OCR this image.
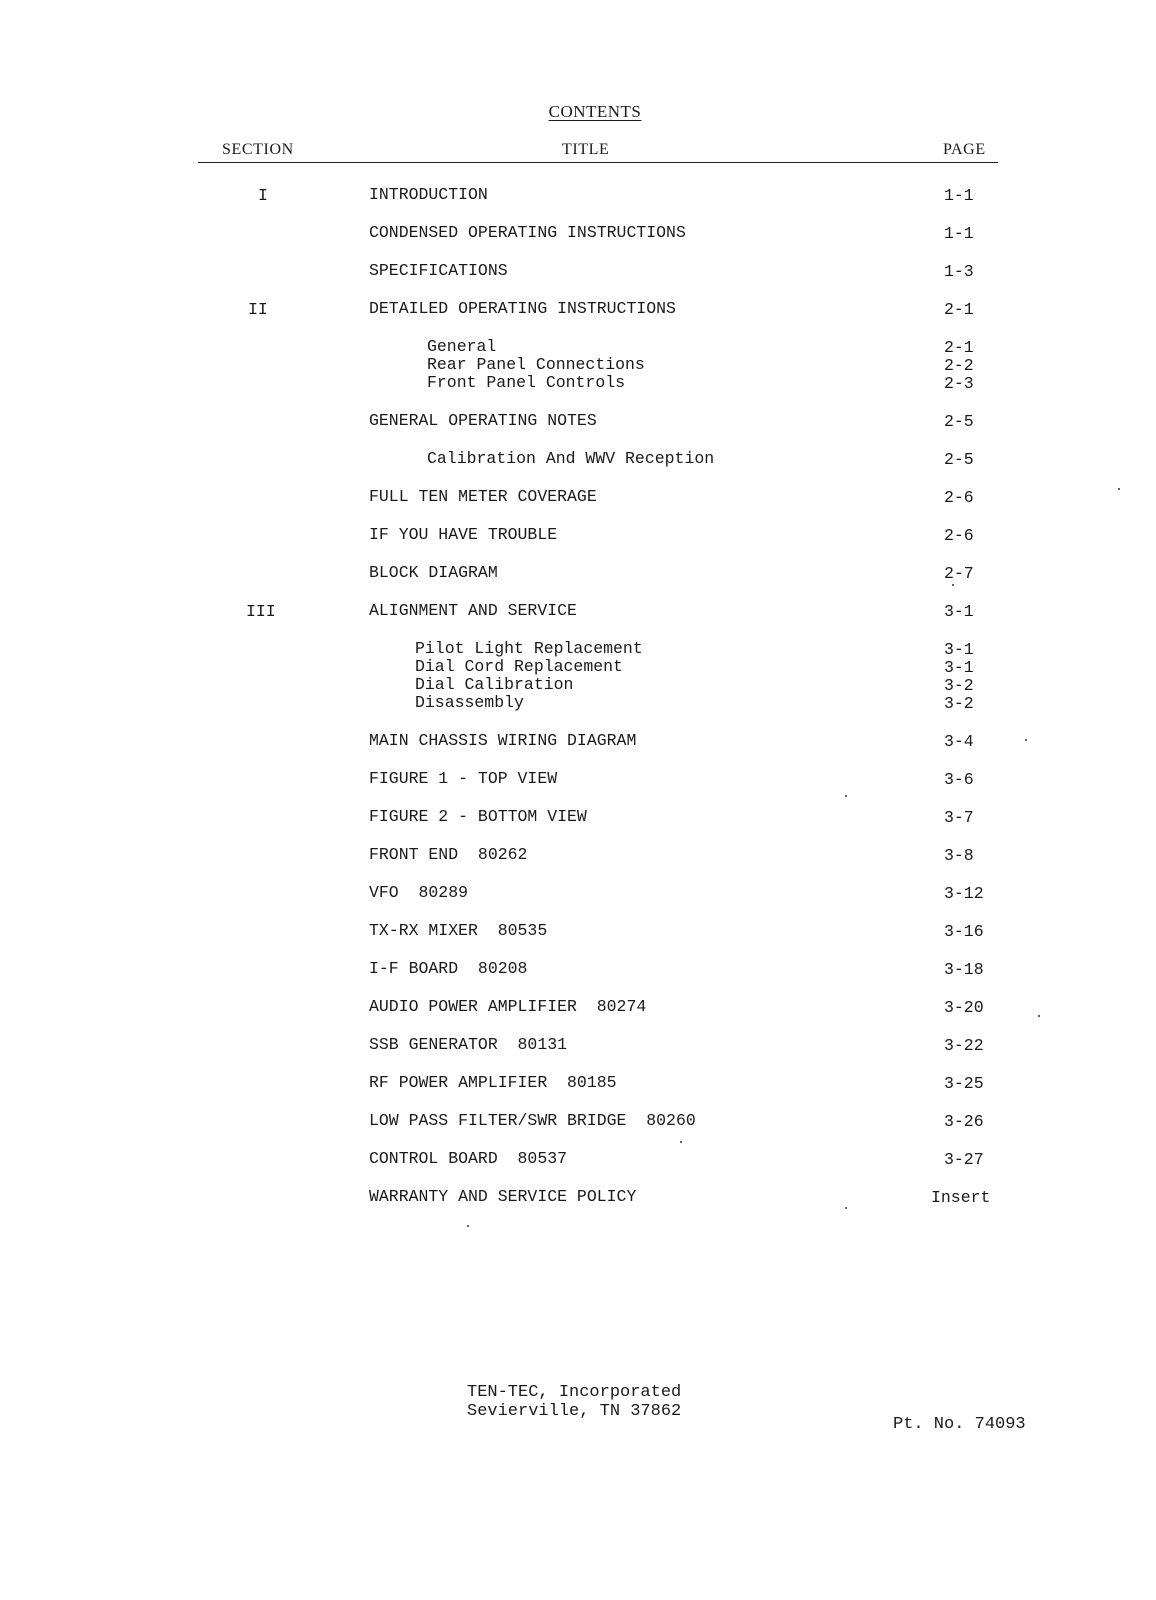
CONTENTS
SECTION	TITLE	PAGE
I	INTRODUCTION	1-1
CONDENSED OPERATING INSTRUCTIONS	1-1
SPECIFICATIONS	1-3
II	DETAILED OPERATING INSTRUCTIONS	2-1
General	2-1
Rear Panel Connections	2-2
Front Panel Controls	2-3
GENERAL OPERATING NOTES	2-5
Calibration And WWV Reception	2-5
FULL TEN METER COVERAGE	2-6
IF YOU HAVE TROUBLE	2-6
BLOCK DIAGRAM	2-7
III	ALIGNMENT AND SERVICE	3-1
Pilot Light Replacement	3-1
Dial Cord Replacement	3-1
Dial Calibration	3-2
Disassembly	3-2
MAIN CHASSIS WIRING DIAGRAM	3-4
FIGURE 1 - TOP VIEW	3-6
FIGURE 2 - BOTTOM VIEW	3-7
FRONT END  80262	3-8
VFO  80289	3-12
TX-RX MIXER  80535	3-16
I-F BOARD  80208	3-18
AUDIO POWER AMPLIFIER  80274	3-20
SSB GENERATOR  80131	3-22
RF POWER AMPLIFIER  80185	3-25
LOW PASS FILTER/SWR BRIDGE  80260	3-26
CONTROL BOARD  80537	3-27
WARRANTY AND SERVICE POLICY	Insert
TEN-TEC, Incorporated
Sevierville, TN 37862
Pt. No. 74093
